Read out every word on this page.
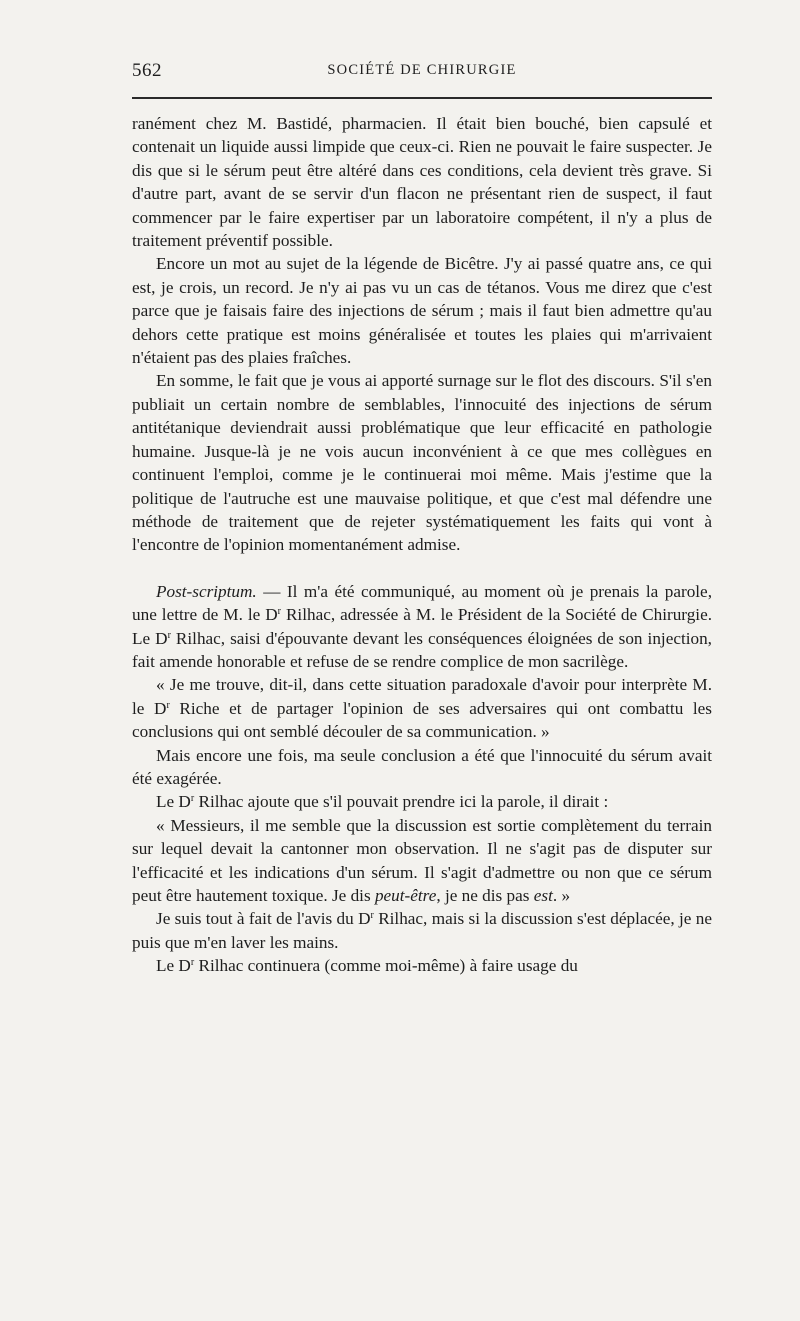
562	SOCIÉTÉ DE CHIRURGIE

ranément chez M. Bastidé, pharmacien. Il était bien bouché, bien capsulé et contenait un liquide aussi limpide que ceux-ci. Rien ne pouvait le faire suspecter. Je dis que si le sérum peut être altéré dans ces conditions, cela devient très grave. Si d'autre part, avant de se servir d'un flacon ne présentant rien de suspect, il faut commencer par le faire expertiser par un laboratoire compétent, il n'y a plus de traitement préventif possible.

Encore un mot au sujet de la légende de Bicêtre. J'y ai passé quatre ans, ce qui est, je crois, un record. Je n'y ai pas vu un cas de tétanos. Vous me direz que c'est parce que je faisais faire des injections de sérum ; mais il faut bien admettre qu'au dehors cette pratique est moins généralisée et toutes les plaies qui m'arrivaient n'étaient pas des plaies fraîches.

En somme, le fait que je vous ai apporté surnage sur le flot des discours. S'il s'en publiait un certain nombre de semblables, l'innocuité des injections de sérum antitétanique deviendrait aussi problématique que leur efficacité en pathologie humaine. Jusque-là je ne vois aucun inconvénient à ce que mes collègues en continuent l'emploi, comme je le continuerai moi même. Mais j'estime que la politique de l'autruche est une mauvaise politique, et que c'est mal défendre une méthode de traitement que de rejeter systématiquement les faits qui vont à l'encontre de l'opinion momentanément admise.

Post-scriptum. — Il m'a été communiqué, au moment où je prenais la parole, une lettre de M. le $D^r$ Rilhac, adressée à M. le Président de la Société de Chirurgie. Le $D^r$ Rilhac, saisi d'épouvante devant les conséquences éloignées de son injection, fait amende honorable et refuse de se rendre complice de mon sacrilège.

« Je me trouve, dit-il, dans cette situation paradoxale d'avoir pour interprète M. le $D^r$ Riche et de partager l'opinion de ses adversaires qui ont combattu les conclusions qui ont semblé découler de sa communication. »

Mais encore une fois, ma seule conclusion a été que l'innocuité du sérum avait été exagérée.

Le $D^r$ Rilhac ajoute que s'il pouvait prendre ici la parole, il dirait :

« Messieurs, il me semble que la discussion est sortie complètement du terrain sur lequel devait la cantonner mon observation. Il ne s'agit pas de disputer sur l'efficacité et les indications d'un sérum. Il s'agit d'admettre ou non que ce sérum peut être hautement toxique. Je dis peut-être, je ne dis pas est. »

Je suis tout à fait de l'avis du $D^r$ Rilhac, mais si la discussion s'est déplacée, je ne puis que m'en laver les mains.

Le $D^r$ Rilhac continuera (comme moi-même) à faire usage du
